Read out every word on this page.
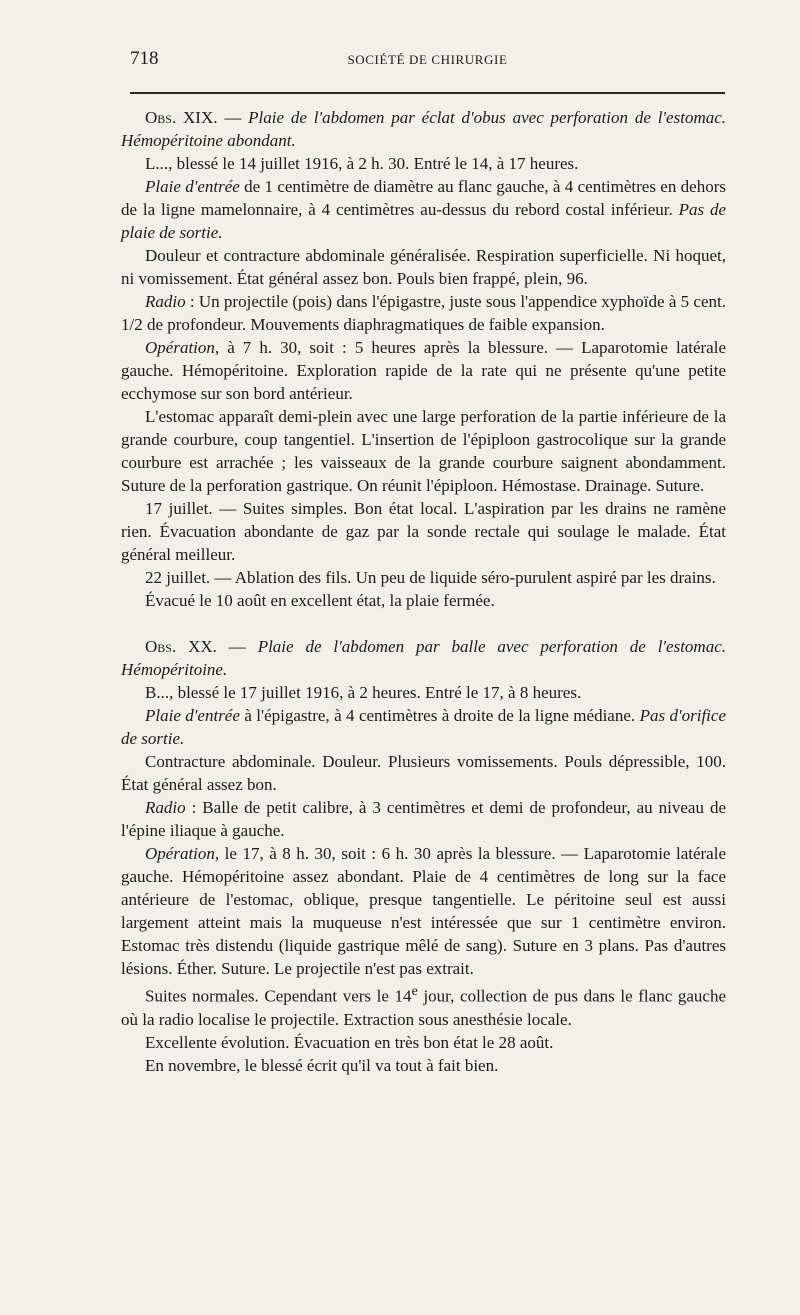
718	SOCIÉTÉ DE CHIRURGIE

Obs. XIX. — Plaie de l'abdomen par éclat d'obus avec perforation de l'estomac. Hémopéritoine abondant.

L..., blessé le 14 juillet 1916, à 2 h. 30. Entré le 14, à 17 heures.

Plaie d'entrée de 1 centimètre de diamètre au flanc gauche, à 4 centimètres en dehors de la ligne mamelonnaire, à 4 centimètres au-dessus du rebord costal inférieur. Pas de plaie de sortie.

Douleur et contracture abdominale généralisée. Respiration superficielle. Ni hoquet, ni vomissement. État général assez bon. Pouls bien frappé, plein, 96.

Radio : Un projectile (pois) dans l'épigastre, juste sous l'appendice xyphoïde à 5 cent. 1/2 de profondeur. Mouvements diaphragmatiques de faible expansion.

Opération, à 7 h. 30, soit : 5 heures après la blessure. — Laparotomie latérale gauche. Hémopéritoine. Exploration rapide de la rate qui ne présente qu'une petite ecchymose sur son bord antérieur.

L'estomac apparaît demi-plein avec une large perforation de la partie inférieure de la grande courbure, coup tangentiel. L'insertion de l'épiploon gastrocolique sur la grande courbure est arrachée ; les vaisseaux de la grande courbure saignent abondamment. Suture de la perforation gastrique. On réunit l'épiploon. Hémostase. Drainage. Suture.

17 juillet. — Suites simples. Bon état local. L'aspiration par les drains ne ramène rien. Évacuation abondante de gaz par la sonde rectale qui soulage le malade. État général meilleur.

22 juillet. — Ablation des fils. Un peu de liquide séro-purulent aspiré par les drains.

Évacué le 10 août en excellent état, la plaie fermée.

Obs. XX. — Plaie de l'abdomen par balle avec perforation de l'estomac. Hémopéritoine.

B..., blessé le 17 juillet 1916, à 2 heures. Entré le 17, à 8 heures.

Plaie d'entrée à l'épigastre, à 4 centimètres à droite de la ligne médiane. Pas d'orifice de sortie.

Contracture abdominale. Douleur. Plusieurs vomissements. Pouls dépressible, 100. État général assez bon.

Radio : Balle de petit calibre, à 3 centimètres et demi de profondeur, au niveau de l'épine iliaque à gauche.

Opération, le 17, à 8 h. 30, soit : 6 h. 30 après la blessure. — Laparotomie latérale gauche. Hémopéritoine assez abondant. Plaie de 4 centimètres de long sur la face antérieure de l'estomac, oblique, presque tangentielle. Le péritoine seul est aussi largement atteint mais la muqueuse n'est intéressée que sur 1 centimètre environ. Estomac très distendu (liquide gastrique mêlé de sang). Suture en 3 plans. Pas d'autres lésions. Éther. Suture. Le projectile n'est pas extrait.

Suites normales. Cependant vers le 14e jour, collection de pus dans le flanc gauche où la radio localise le projectile. Extraction sous anesthésie locale.

Excellente évolution. Évacuation en très bon état le 28 août.

En novembre, le blessé écrit qu'il va tout à fait bien.
